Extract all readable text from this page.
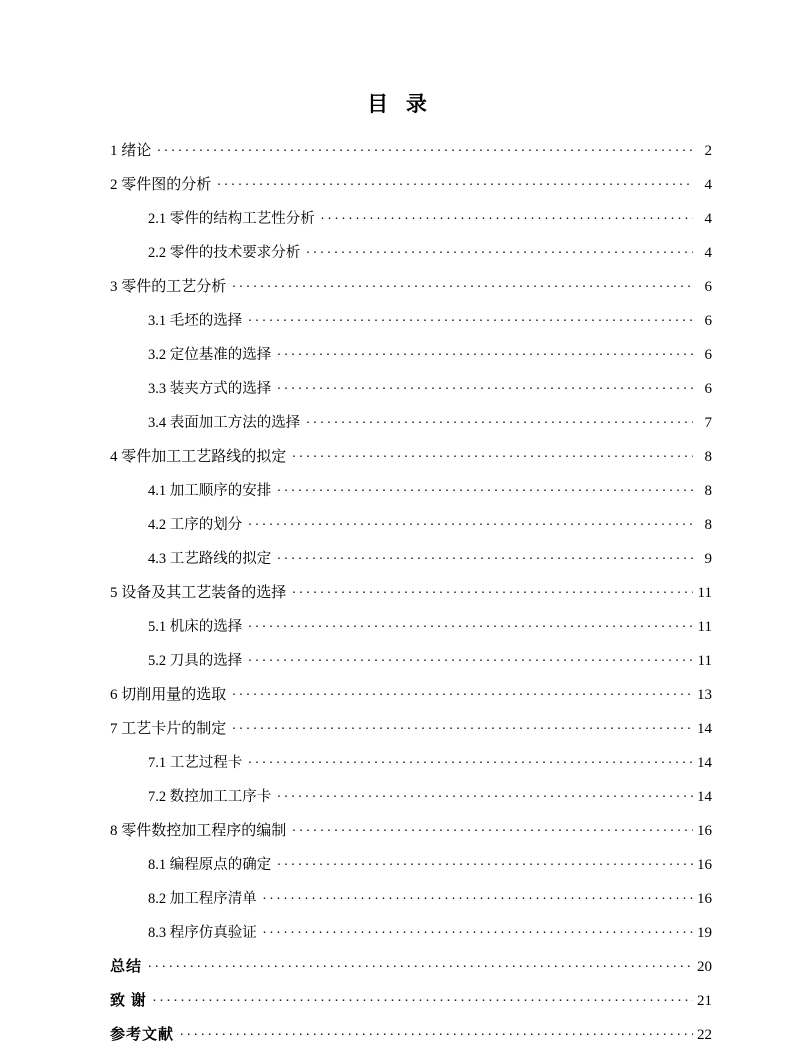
目 录
1 绪论 . . .	2
2 零件图的分析 . . .	4
2.1 零件的结构工艺性分析 . . .	4
2.2 零件的技术要求分析 . . .	4
3 零件的工艺分析 . . .	6
3.1 毛坯的选择 . . .	6
3.2 定位基准的选择 . . .	6
3.3 装夹方式的选择 . . .	6
3.4 表面加工方法的选择 . . .	7
4 零件加工工艺路线的拟定 . . .	8
4.1 加工顺序的安排 . . .	8
4.2 工序的划分 . . .	8
4.3 工艺路线的拟定 . . .	9
5 设备及其工艺装备的选择 . . .	11
5.1 机床的选择 . . .	11
5.2 刀具的选择 . . .	11
6 切削用量的选取 . . .	13
7 工艺卡片的制定 . . .	14
7.1 工艺过程卡 . . .	14
7.2 数控加工工序卡 . . .	14
8 零件数控加工程序的编制 . . .	16
8.1 编程原点的确定 . . .	16
8.2 加工程序清单 . . .	16
8.3 程序仿真验证 . . .	19
总结 . . .	20
致 谢 . . .	21
参考文献 . . .	22
